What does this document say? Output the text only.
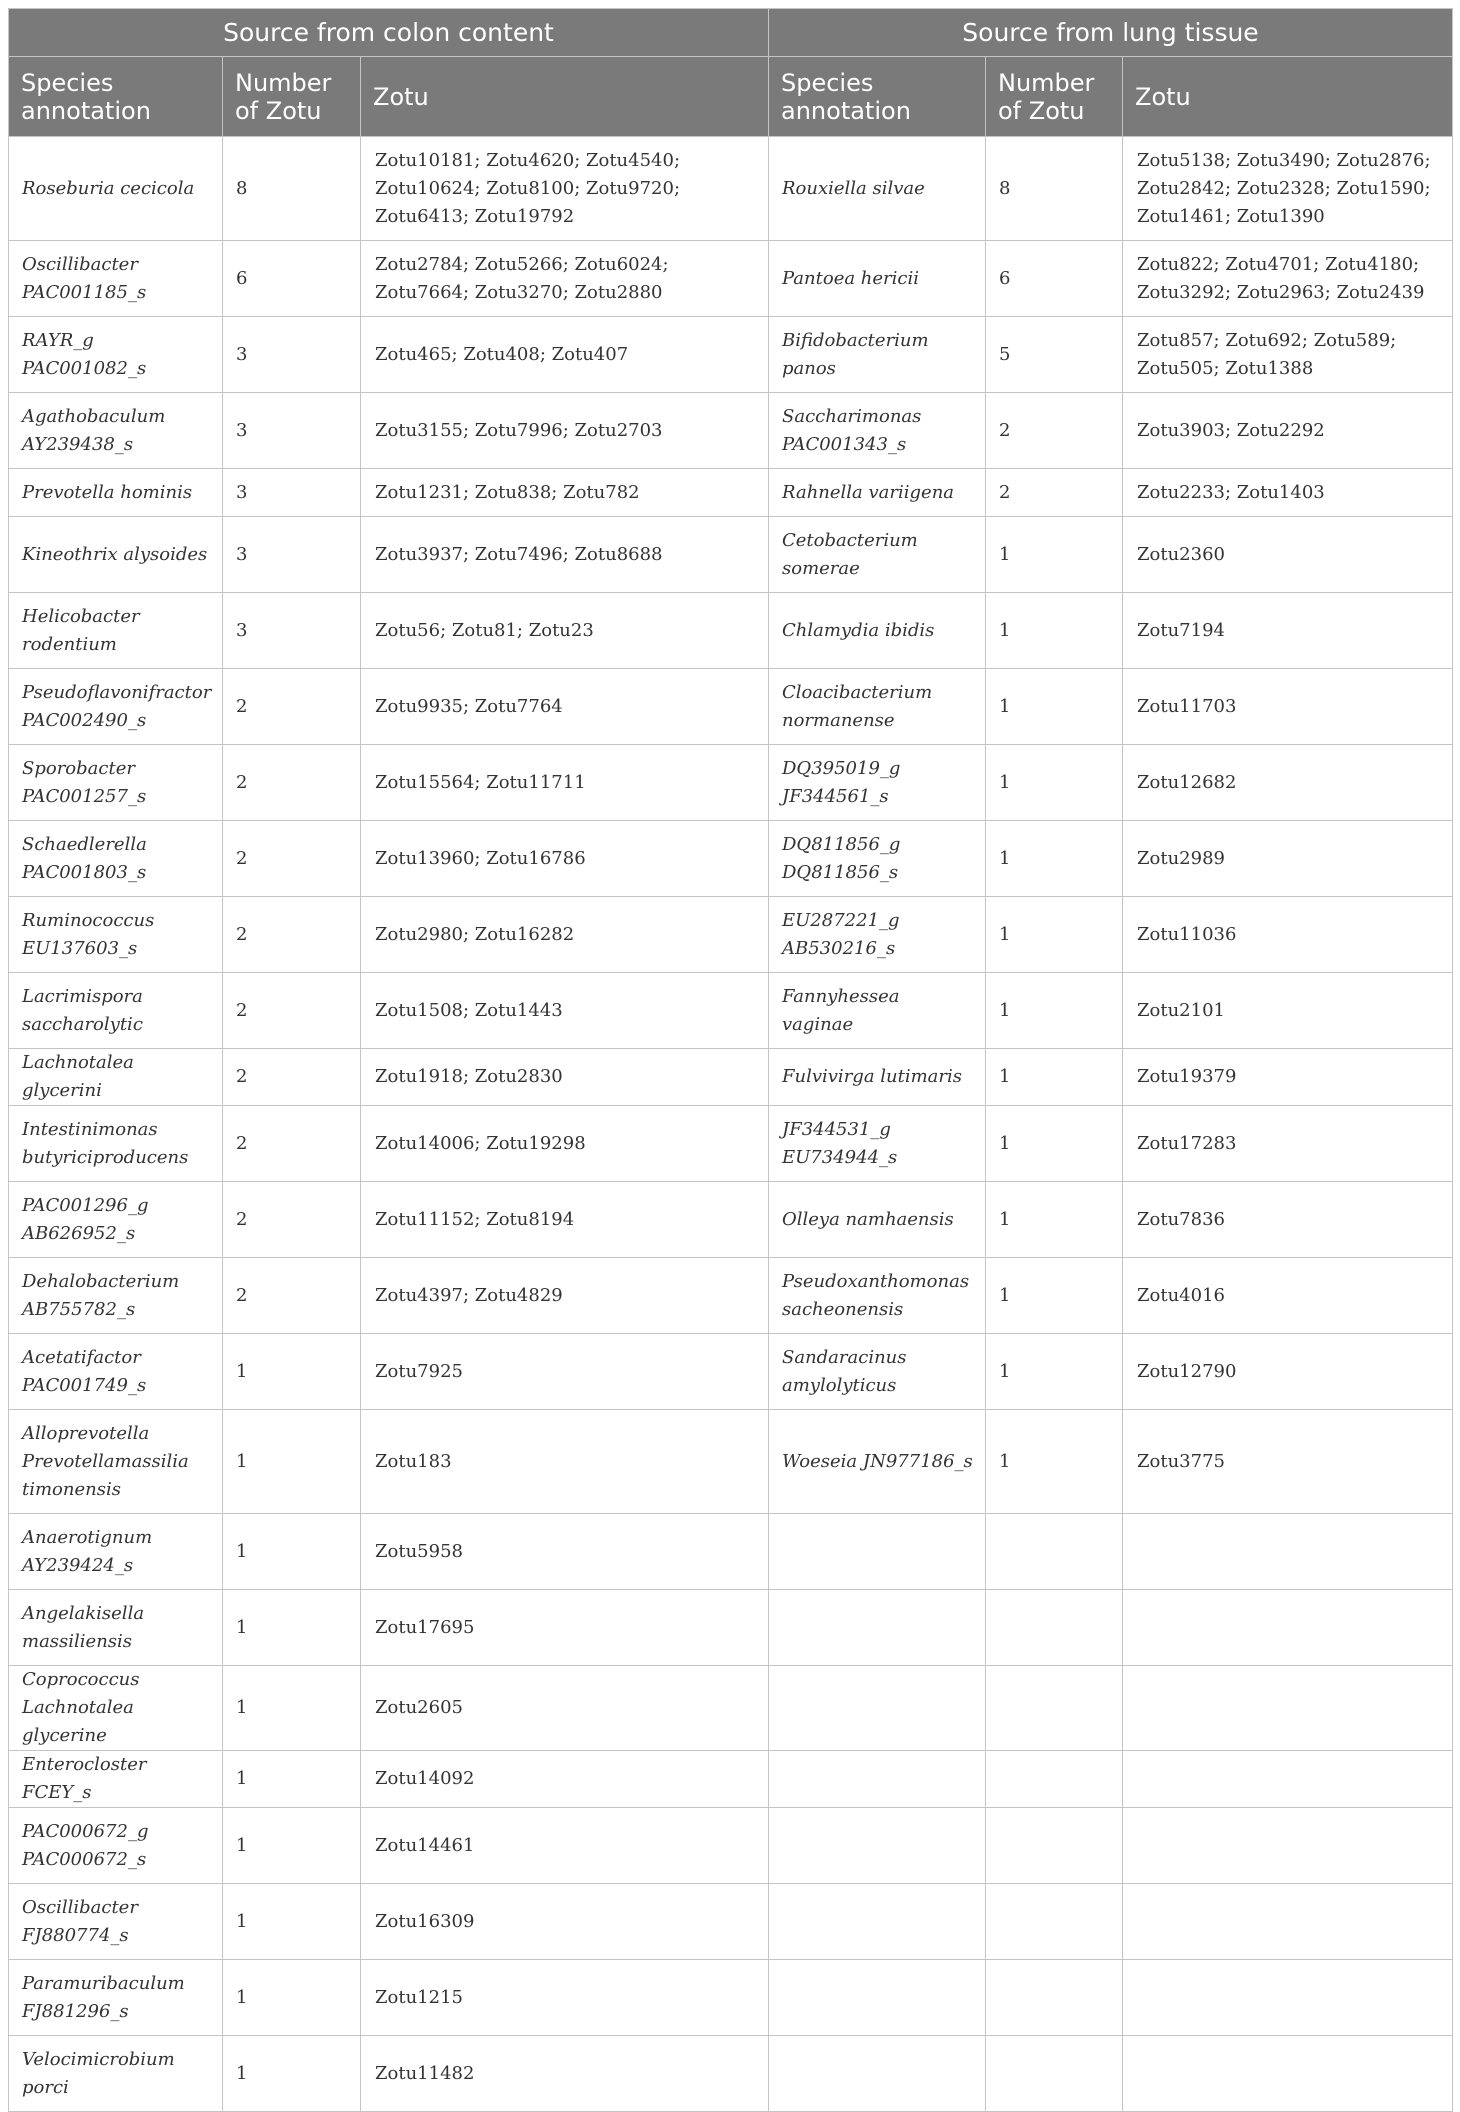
Source from colon content			Source from lung tissue		
Species annotation	Number of Zotu	Zotu	Species annotation	Number of Zotu	Zotu
Roseburia cecicola	8	Zotu10181; Zotu4620; Zotu4540; Zotu10624; Zotu8100; Zotu9720; Zotu6413; Zotu19792	Rouxiella silvae	8	Zotu5138; Zotu3490; Zotu2876; Zotu2842; Zotu2328; Zotu1590; Zotu1461; Zotu1390
Oscillibacter PAC001185_s	6	Zotu2784; Zotu5266; Zotu6024; Zotu7664; Zotu3270; Zotu2880	Pantoea hericii	6	Zotu822; Zotu4701; Zotu4180; Zotu3292; Zotu2963; Zotu2439
RAYR_g PAC001082_s	3	Zotu465; Zotu408; Zotu407	Bifidobacterium panos	5	Zotu857; Zotu692; Zotu589; Zotu505; Zotu1388
Agathobaculum AY239438_s	3	Zotu3155; Zotu7996; Zotu2703	Saccharimonas PAC001343_s	2	Zotu3903; Zotu2292
Prevotella hominis	3	Zotu1231; Zotu838; Zotu782	Rahnella variigena	2	Zotu2233; Zotu1403
Kineothrix alysoides	3	Zotu3937; Zotu7496; Zotu8688	Cetobacterium somerae	1	Zotu2360
Helicobacter rodentium	3	Zotu56; Zotu81; Zotu23	Chlamydia ibidis	1	Zotu7194
Pseudoflavonifractor PAC002490_s	2	Zotu9935; Zotu7764	Cloacibacterium normanense	1	Zotu11703
Sporobacter PAC001257_s	2	Zotu15564; Zotu11711	DQ395019_g JF344561_s	1	Zotu12682
Schaedlerella PAC001803_s	2	Zotu13960; Zotu16786	DQ811856_g DQ811856_s	1	Zotu2989
Ruminococcus EU137603_s	2	Zotu2980; Zotu16282	EU287221_g AB530216_s	1	Zotu11036
Lacrimispora saccharolytic	2	Zotu1508; Zotu1443	Fannyhessea vaginae	1	Zotu2101
Lachnotalea glycerini	2	Zotu1918; Zotu2830	Fulvivirga lutimaris	1	Zotu19379
Intestinimonas butyriciproducens	2	Zotu14006; Zotu19298	JF344531_g EU734944_s	1	Zotu17283
PAC001296_g AB626952_s	2	Zotu11152; Zotu8194	Olleya namhaensis	1	Zotu7836
Dehalobacterium AB755782_s	2	Zotu4397; Zotu4829	Pseudoxanthomonas sacheonensis	1	Zotu4016
Acetatifactor PAC001749_s	1	Zotu7925	Sandaracinus amylolyticus	1	Zotu12790
Alloprevotella Prevotellamassilia timonensis	1	Zotu183	Woeseia JN977186_s	1	Zotu3775
Anaerotignum AY239424_s	1	Zotu5958			
Angelakisella massiliensis	1	Zotu17695			
Coprococcus Lachnotalea glycerine	1	Zotu2605			
Enterocloster FCEY_s	1	Zotu14092			
PAC000672_g PAC000672_s	1	Zotu14461			
Oscillibacter FJ880774_s	1	Zotu16309			
Paramuribaculum FJ881296_s	1	Zotu1215			
Velocimicrobium porci	1	Zotu11482			
